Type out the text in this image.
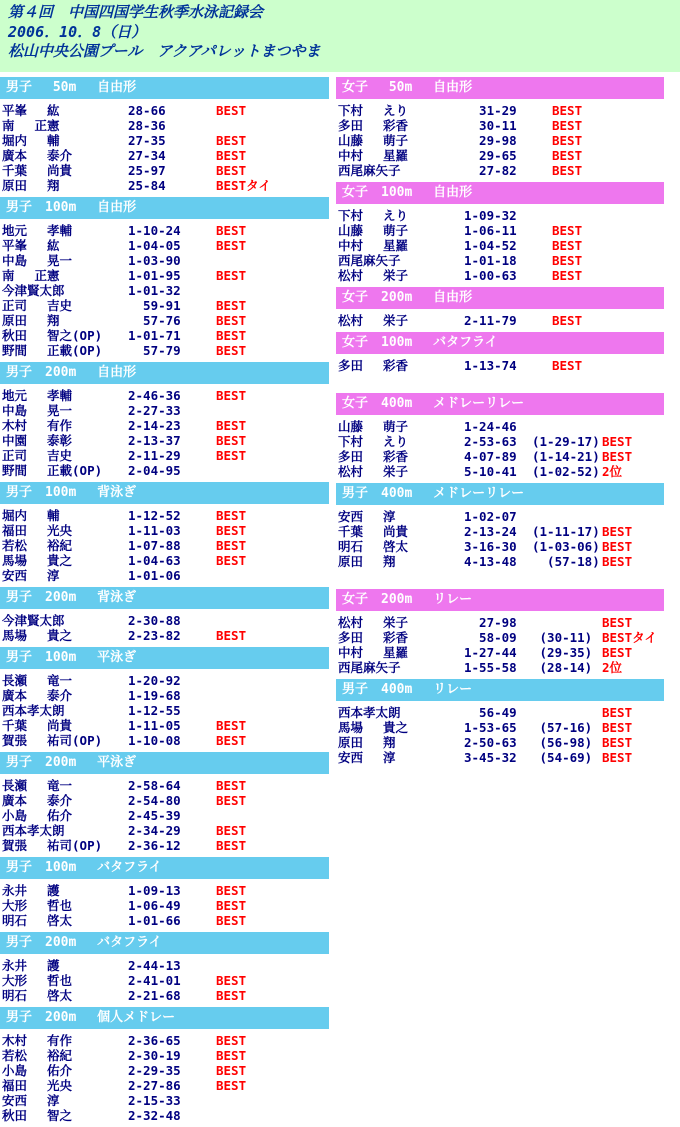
第４回　中国四国学生秋季水泳記録会
2006．10．8（日）
松山中央公園プール　アクアパレットまつやま
男子　 50m　 自由形
平峯　 紘	28-66	BEST
南　 正憲	28-36
堀内　 輔	27-35	BEST
廣本　 泰介	27-34	BEST
千葉　 尚貴	25-97	BEST
原田　 翔	25-84	BESTタイ
男子　100m　 自由形
地元　 孝輔	1-10-24	BEST
平峯　 紘	1-04-05	BEST
中島　 晃一	1-03-90
南　 正憲	1-01-95	BEST
今津賢太郎	1-01-32
正司　 吉史	59-91	BEST
原田　 翔	57-76	BEST
秋田　 智之(OP) 1-01-71	BEST
野間　 正載(OP) 57-79	BEST
男子　200m　 自由形
地元　 孝輔	2-46-36	BEST
中島　 晃一	2-27-33
木村　 有作	2-14-23	BEST
中園　 泰彰	2-13-37	BEST
正司　 吉史	2-11-29	BEST
野間　 正載(OP) 2-04-95
男子　100m　 背泳ぎ
堀内　 輔	1-12-52	BEST
福田　 光央	1-11-03	BEST
若松　 裕紀	1-07-88	BEST
馬場　 貴之	1-04-63	BEST
安西　 淳	1-01-06
男子　200m　 背泳ぎ
今津賢太郎	2-30-88
馬場　 貴之	2-23-82	BEST
男子　100m　 平泳ぎ
長瀬　 竜一	1-20-92
廣本　 泰介	1-19-68
西本孝太朗	1-12-55
千葉　 尚貴	1-11-05	BEST
賀張　 祐司(OP) 1-10-08	BEST
男子　200m　 平泳ぎ
長瀬　 竜一	2-58-64	BEST
廣本　 泰介	2-54-80	BEST
小島　 佑介	2-45-39
西本孝太朗	2-34-29	BEST
賀張　 祐司(OP) 2-36-12	BEST
男子　100m　 バタフライ
永井　 護	1-09-13	BEST
大形　 哲也	1-06-49	BEST
明石　 啓太	1-01-66	BEST
男子　200m　 バタフライ
永井　 護	2-44-13
大形　 哲也	2-41-01	BEST
明石　 啓太	2-21-68	BEST
男子　200m　 個人メドレー
木村　 有作	2-36-65	BEST
若松　 裕紀	2-30-19	BEST
小島　 佑介	2-29-35	BEST
福田　 光央	2-27-86	BEST
安西　 淳	2-15-33
秋田　 智之	2-32-48
女子　 50m　 自由形
下村　 えり	31-29	BEST
多田　 彩香	30-11	BEST
山藤　 萌子	29-98	BEST
中村　 星羅	29-65	BEST
西尾麻矢子	27-82	BEST
女子　100m　 自由形
下村　 えり	1-09-32
山藤　 萌子	1-06-11	BEST
中村　 星羅	1-04-52	BEST
西尾麻矢子	1-01-18	BEST
松村　 栄子	1-00-63	BEST
女子　200m　 自由形
松村　 栄子	2-11-79	BEST
女子　100m　 バタフライ
多田　 彩香	1-13-74	BEST
女子　400m　 メドレーリレー
山藤　 萌子	1-24-46
下村　 えり	2-53-63 (1-29-17) BEST
多田　 彩香	4-07-89 (1-14-21) BEST
松村　 栄子	5-10-41 (1-02-52) 2位
男子　400m　 メドレーリレー
安西　 淳	1-02-07
千葉　 尚貴	2-13-24 (1-11-17) BEST
明石　 啓太	3-16-30 (1-03-06) BEST
原田　 翔	4-13-48 (57-18) BEST
女子　200m　 リレー
松村　 栄子	27-98	BEST
多田　 彩香	58-09 (30-11) BESTタイ
中村　 星羅	1-27-44 (29-35) BEST
西尾麻矢子	1-55-58 (28-14) 2位
男子　400m　 リレー
西本孝太朗	56-49	BEST
馬場　 貴之	1-53-65 (57-16) BEST
原田　 翔	2-50-63 (56-98) BEST
安西　 淳	3-45-32 (54-69) BEST
